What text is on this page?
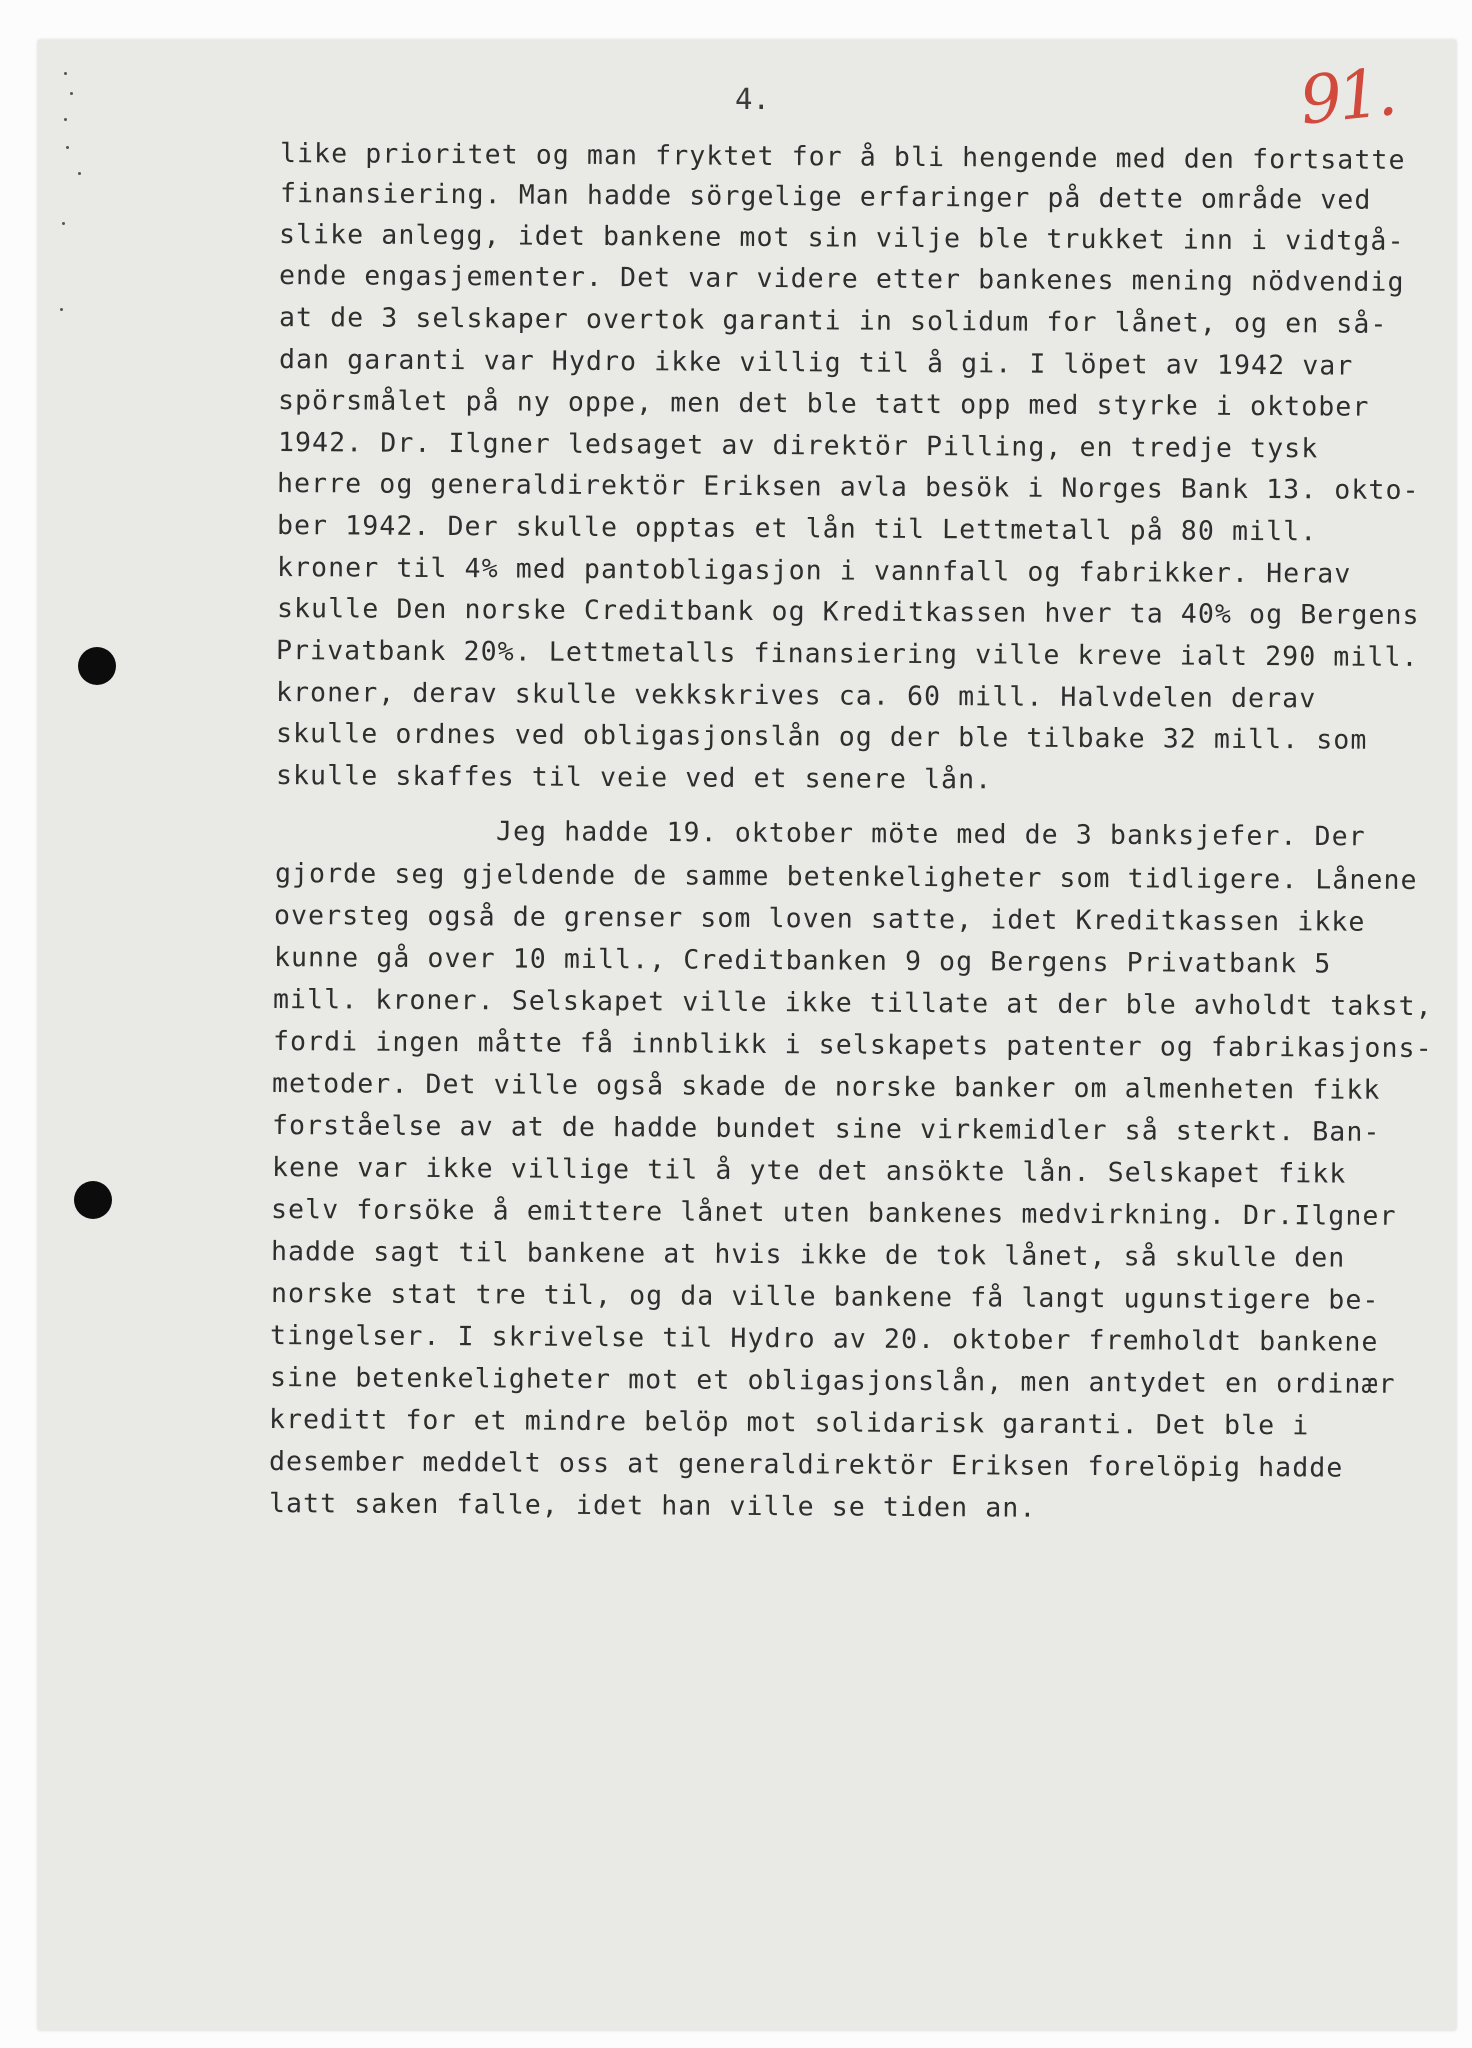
4.	91.
like prioritet og man fryktet for å bli hengende med den fortsatte
finansiering. Man hadde sörgelige erfaringer på dette område ved
slike anlegg, idet bankene mot sin vilje ble trukket inn i vidtgå-
ende engasjementer. Det var videre etter bankenes mening nödvendig
at de 3 selskaper overtok garanti in solidum for lånet, og en så-
dan garanti var Hydro ikke villig til å gi. I löpet av 1942 var
spörsmålet på ny oppe, men det ble tatt opp med styrke i oktober
1942. Dr. Ilgner ledsaget av direktör Pilling, en tredje tysk
herre og generaldirektör Eriksen avla besök i Norges Bank 13. okto-
ber 1942. Der skulle opptas et lån til Lettmetall på 80 mill.
kroner til 4% med pantobligasjon i vannfall og fabrikker. Herav
skulle Den norske Creditbank og Kreditkassen hver ta 40% og Bergens
Privatbank 20%. Lettmetalls finansiering ville kreve ialt 290 mill.
kroner, derav skulle vekkskrives ca. 60 mill. Halvdelen derav
skulle ordnes ved obligasjonslån og der ble tilbake 32 mill. som
skulle skaffes til veie ved et senere lån.
Jeg hadde 19. oktober möte med de 3 banksjefer. Der
gjorde seg gjeldende de samme betenkeligheter som tidligere. Lånene
oversteg også de grenser som loven satte, idet Kreditkassen ikke
kunne gå over 10 mill., Creditbanken 9 og Bergens Privatbank 5
mill. kroner. Selskapet ville ikke tillate at der ble avholdt takst,
fordi ingen måtte få innblikk i selskapets patenter og fabrikasjons-
metoder. Det ville også skade de norske banker om almenheten fikk
forståelse av at de hadde bundet sine virkemidler så sterkt. Ban-
kene var ikke villige til å yte det ansökte lån. Selskapet fikk
selv forsöke å emittere lånet uten bankenes medvirkning. Dr.Ilgner
hadde sagt til bankene at hvis ikke de tok lånet, så skulle den
norske stat tre til, og da ville bankene få langt ugunstigere be-
tingelser. I skrivelse til Hydro av 20. oktober fremholdt bankene
sine betenkeligheter mot et obligasjonslån, men antydet en ordinær
kreditt for et mindre belöp mot solidarisk garanti. Det ble i
desember meddelt oss at generaldirektör Eriksen forelöpig hadde
latt saken falle, idet han ville se tiden an.
